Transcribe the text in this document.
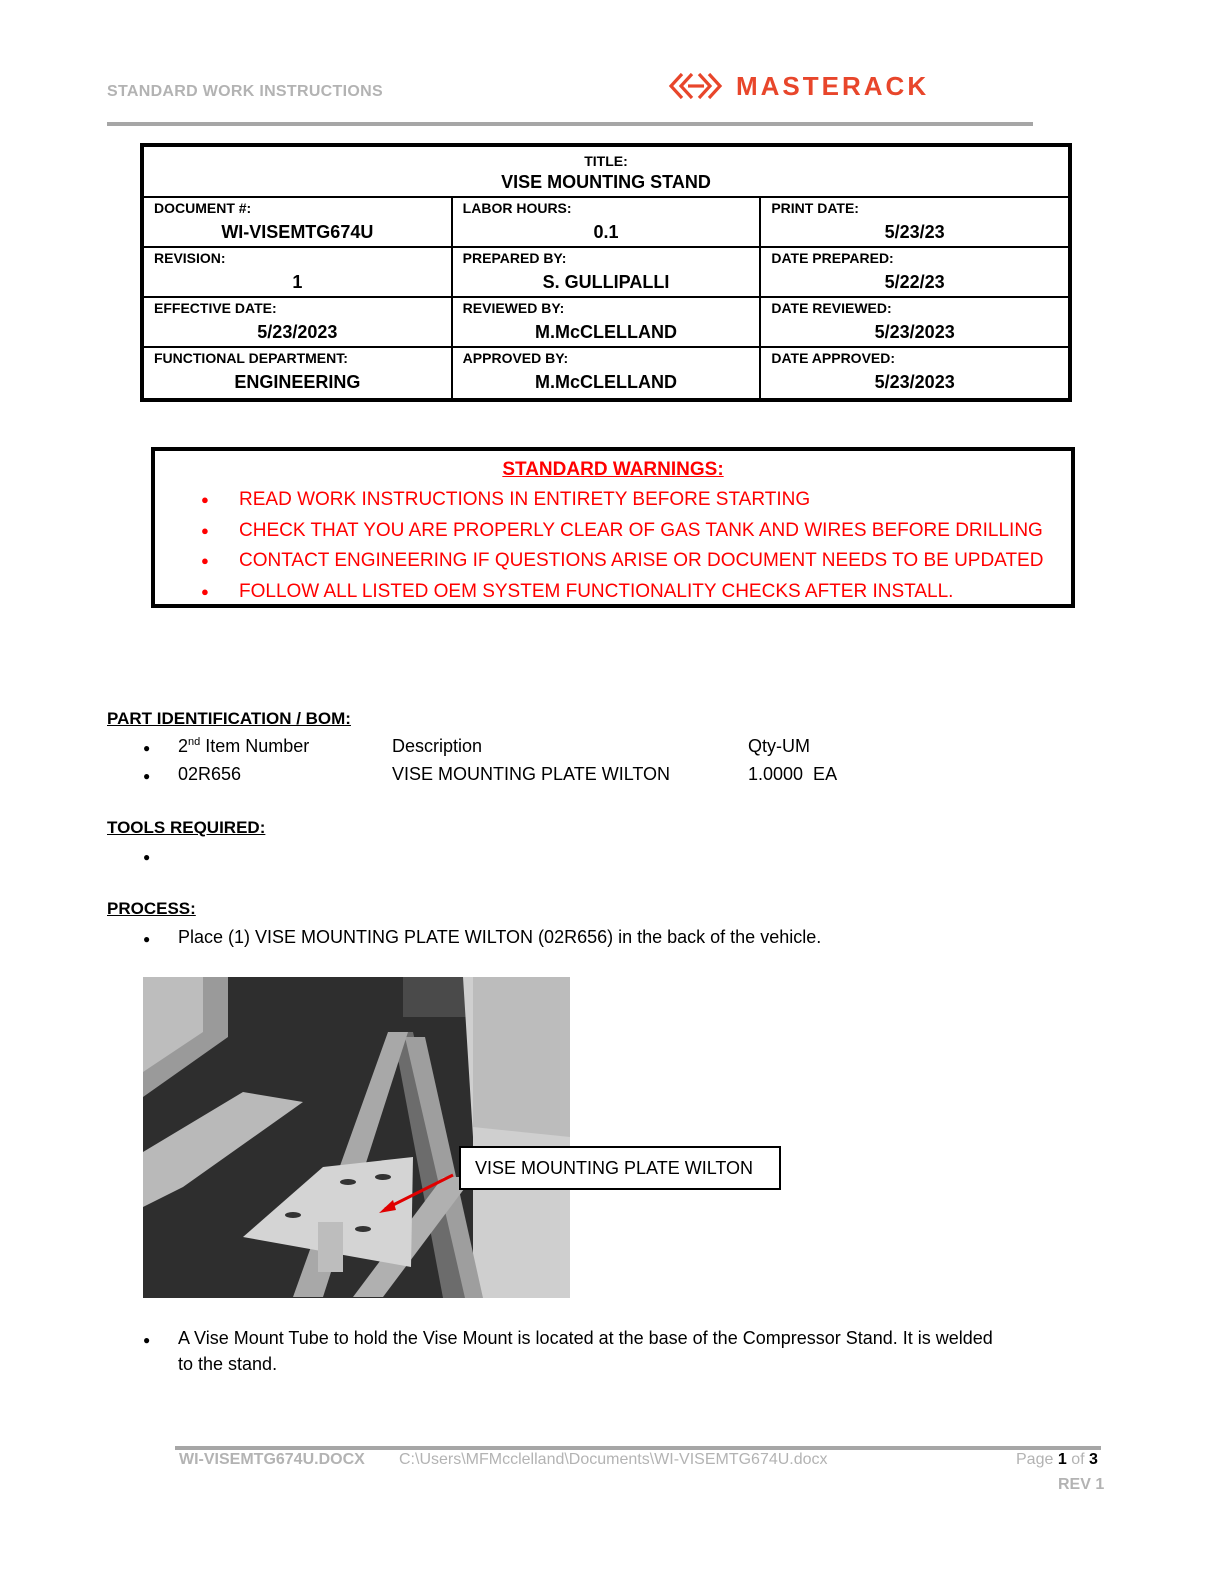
STANDARD WORK INSTRUCTIONS	MASTERACK
TITLE:
VISE MOUNTING STAND
DOCUMENT #:
WI-VISEMTG674U
LABOR HOURS:
0.1
PRINT DATE:
5/23/23
REVISION:
1
PREPARED BY:
S. GULLIPALLI
DATE PREPARED:
5/22/23
EFFECTIVE DATE:
5/23/2023
REVIEWED BY:
M.McCLELLAND
DATE REVIEWED:
5/23/2023
FUNCTIONAL DEPARTMENT:
ENGINEERING
APPROVED BY:
M.McCLELLAND
DATE APPROVED:
5/23/2023
STANDARD WARNINGS:
● READ WORK INSTRUCTIONS IN ENTIRETY BEFORE STARTING
● CHECK THAT YOU ARE PROPERLY CLEAR OF GAS TANK AND WIRES BEFORE DRILLING
● CONTACT ENGINEERING IF QUESTIONS ARISE OR DOCUMENT NEEDS TO BE UPDATED
● FOLLOW ALL LISTED OEM SYSTEM FUNCTIONALITY CHECKS AFTER INSTALL.
PART IDENTIFICATION / BOM:
● 2nd Item Number	Description	Qty-UM
● 02R656	VISE MOUNTING PLATE WILTON	1.0000  EA
TOOLS REQUIRED:
●
PROCESS:
● Place (1) VISE MOUNTING PLATE WILTON (02R656) in the back of the vehicle.
VISE MOUNTING PLATE WILTON
● A Vise Mount Tube to hold the Vise Mount is located at the base of the Compressor Stand. It is welded
to the stand.
WI-VISEMTG674U.DOCX C:\Users\MFMcclelland\Documents\WI-VISEMTG674U.docx	Page 1 of 3
REV 1
